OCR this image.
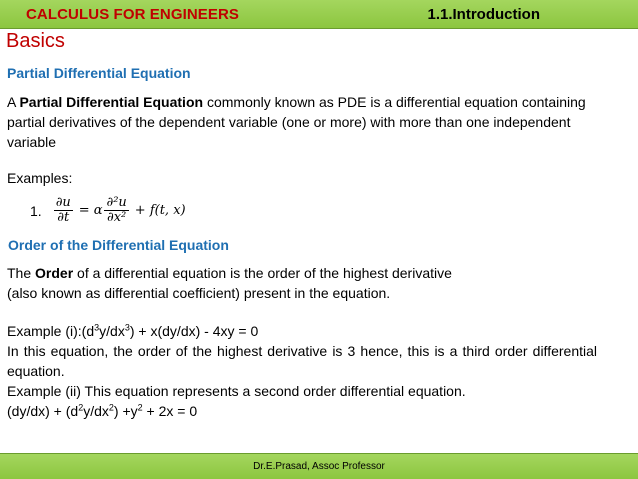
CALCULUS FOR ENGINEERS	1.1.Introduction
Basics
Partial Differential Equation
A Partial Differential Equation commonly known as PDE is a differential equation containing partial derivatives of the dependent variable (one or more) with more than one independent variable
Examples:
1. $\frac{\partial u}{\partial t} = \alpha \frac{\text{∂²u}}{\text{∂x²}} + f(t$, x)
Order of the Differential Equation
The Order of a differential equation is the order of the highest derivative
(also known as differential coefficient) present in the equation.
Example $(i):(d^3y/dx^3) + x(dy/dx) - 4xy = 0$
In this equation, the order of the highest derivative is 3 hence, this is a third order differential equation.
Example (ii) This equation represents a second order differential equation.
$(dy/dx) + (d^2y/dx^2) +y^2 + 2x = 0$
Dr.E.Prasad, Assoc Professor
